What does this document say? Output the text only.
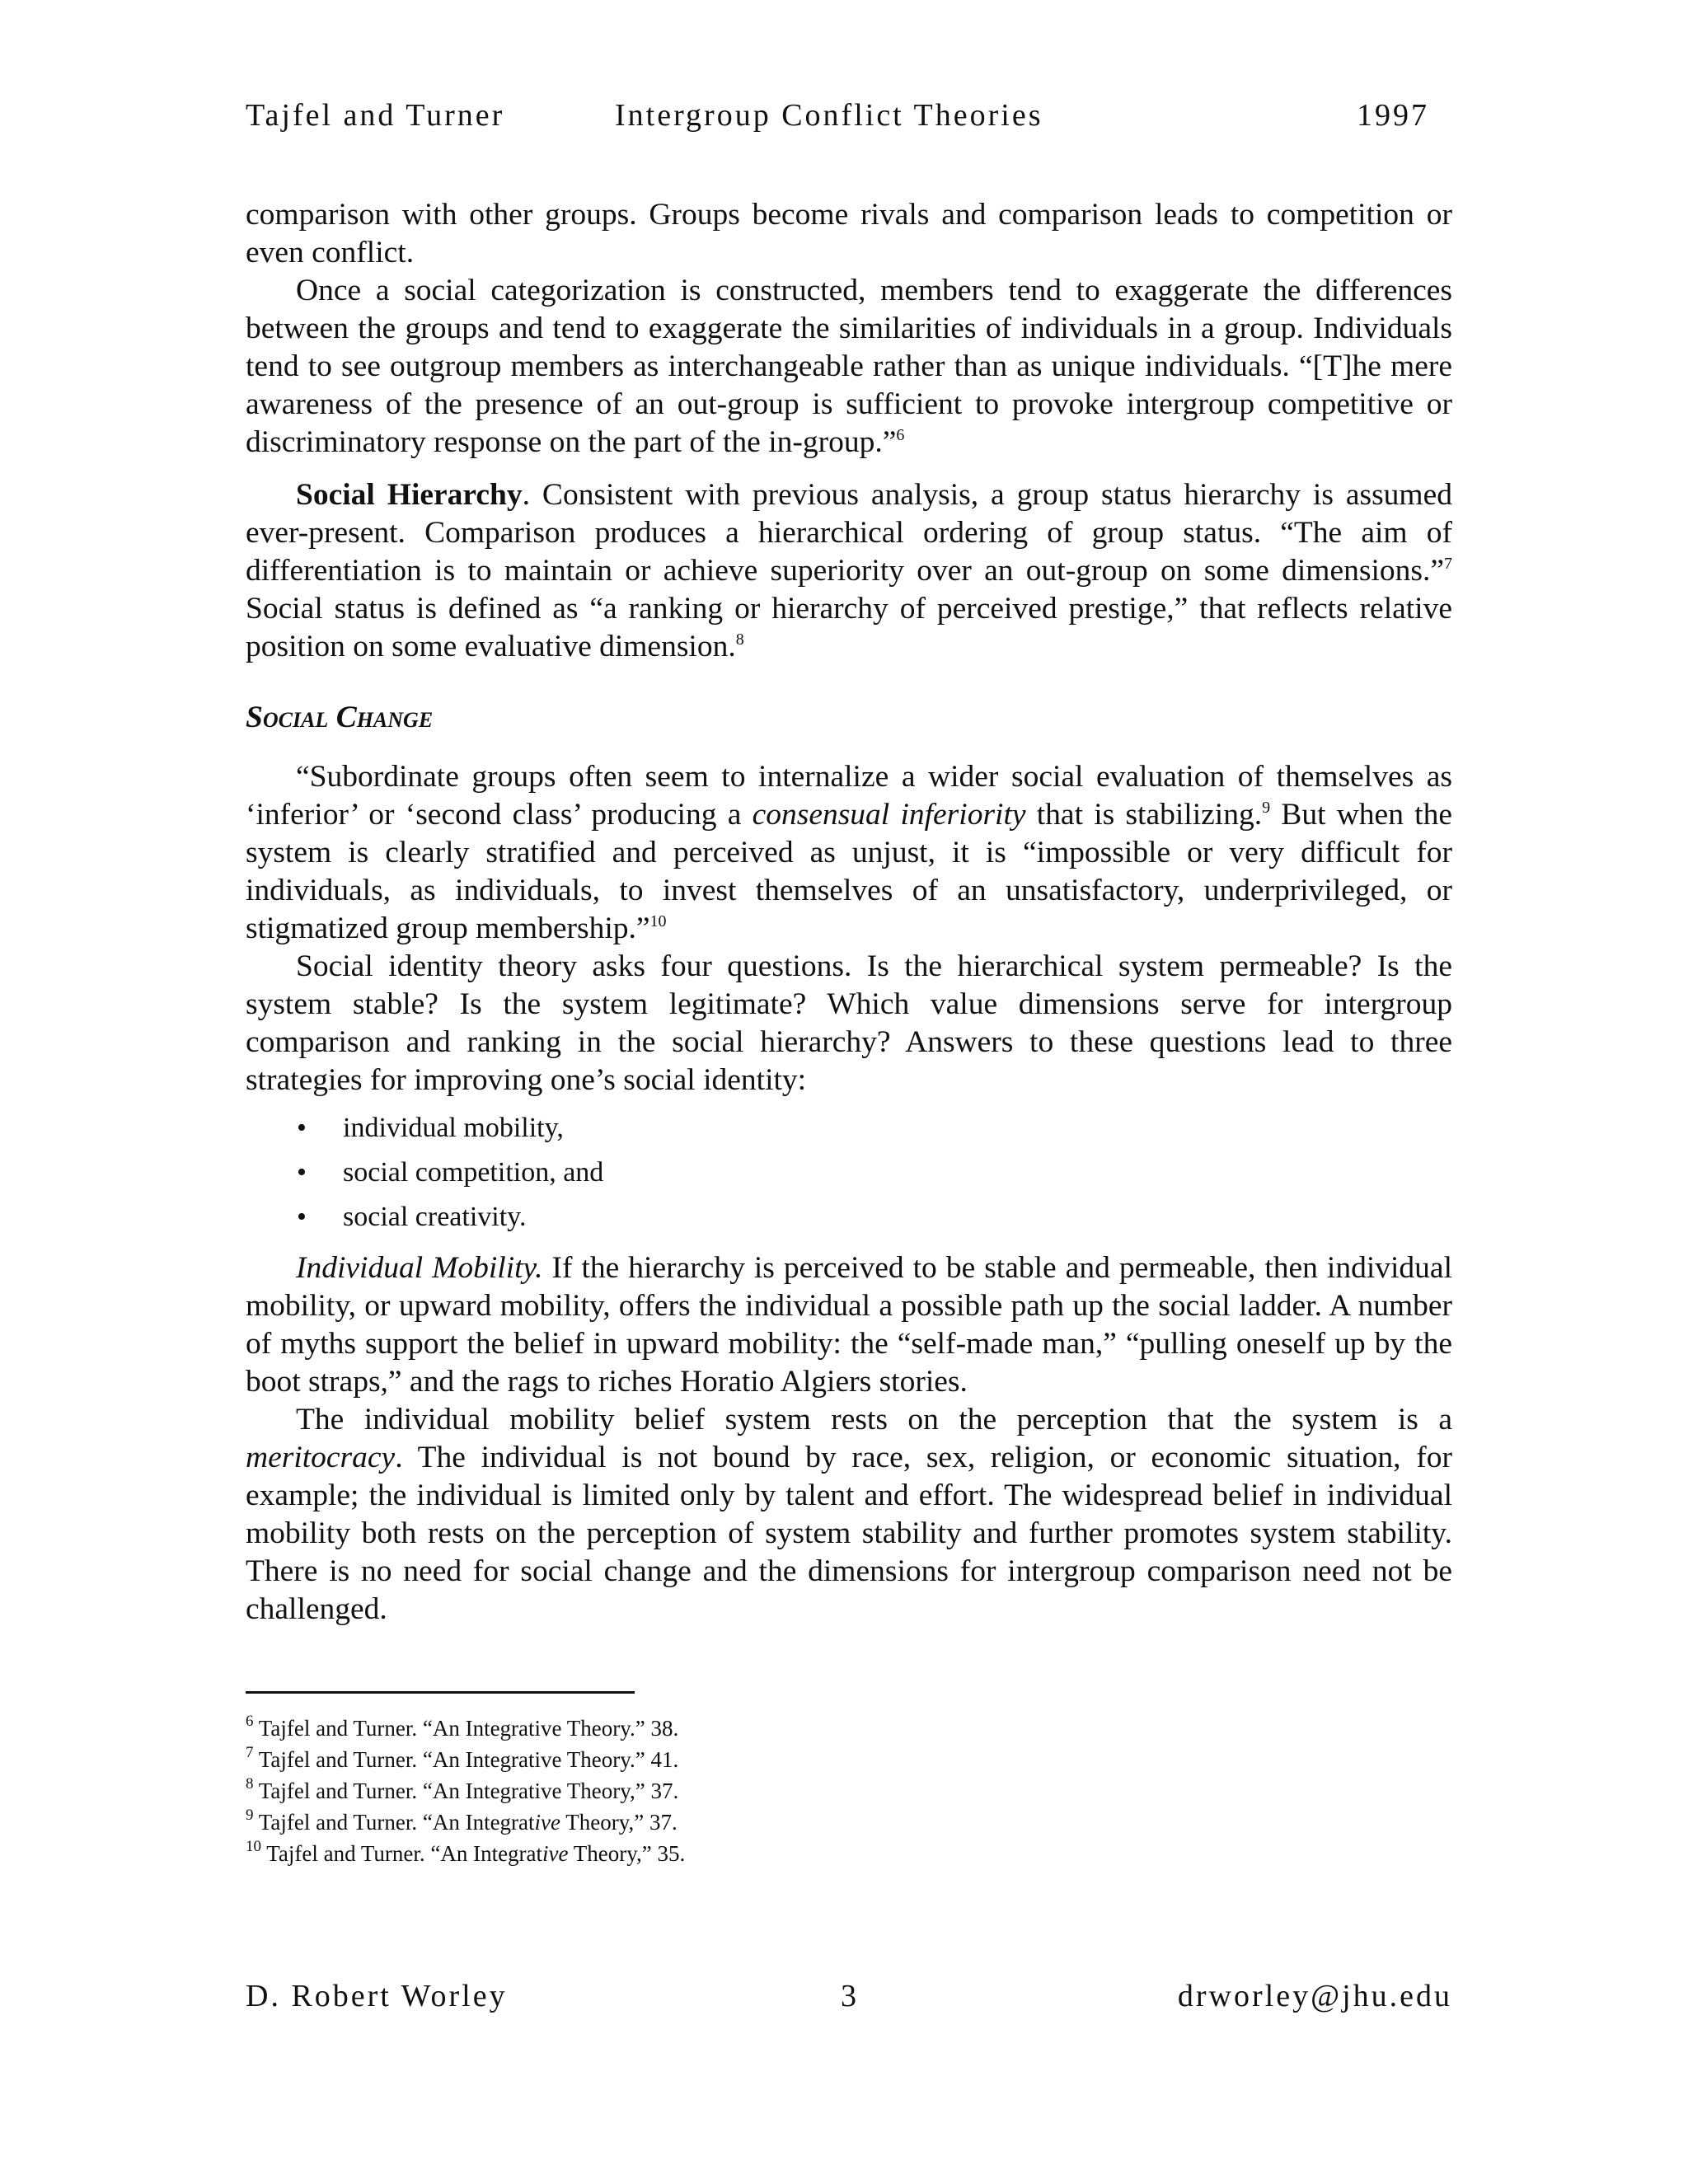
Tajfel and Turner	Intergroup Conflict Theories	1997

comparison with other groups. Groups become rivals and comparison leads to competition or even conflict.

Once a social categorization is constructed, members tend to exaggerate the differences between the groups and tend to exaggerate the similarities of individuals in a group. Individuals tend to see outgroup members as interchangeable rather than as unique individuals. “[T]he mere awareness of the presence of an out-group is sufficient to provoke intergroup competitive or discriminatory response on the part of the in-group.”$^6$

Social Hierarchy. Consistent with previous analysis, a group status hierarchy is assumed ever-present. Comparison produces a hierarchical ordering of group status. “The aim of differentiation is to maintain or achieve superiority over an out-group on some dimensions.”$^7$ Social status is defined as “a ranking or hierarchy of perceived prestige,” that reflects relative position on some evaluative dimension.$^8$

Social Change

“Subordinate groups often seem to internalize a wider social evaluation of themselves as ‘inferior’ or ‘second class’ producing a consensual inferiority that is stabilizing.$^9$ But when the system is clearly stratified and perceived as unjust, it is “impossible or very difficult for individuals, as individuals, to invest themselves of an unsatisfactory, underprivileged, or stigmatized group membership.”$^{10}$

Social identity theory asks four questions. Is the hierarchical system permeable? Is the system stable? Is the system legitimate? Which value dimensions serve for intergroup comparison and ranking in the social hierarchy? Answers to these questions lead to three strategies for improving one’s social identity:

• individual mobility,
• social competition, and
• social creativity.

Individual Mobility. If the hierarchy is perceived to be stable and permeable, then individual mobility, or upward mobility, offers the individual a possible path up the social ladder. A number of myths support the belief in upward mobility: the “self-made man,” “pulling oneself up by the boot straps,” and the rags to riches Horatio Algiers stories.

The individual mobility belief system rests on the perception that the system is a meritocracy. The individual is not bound by race, sex, religion, or economic situation, for example; the individual is limited only by talent and effort. The widespread belief in individual mobility both rests on the perception of system stability and further promotes system stability. There is no need for social change and the dimensions for intergroup comparison need not be challenged.

$^6$ Tajfel and Turner. “An Integrative Theory.” 38.
$^7$ Tajfel and Turner. “An Integrative Theory.” 41.
$^8$ Tajfel and Turner. “An Integrative Theory,” 37.
$^9$ Tajfel and Turner. “An Integrative Theory,” 37.
$^{10}$ Tajfel and Turner. “An Integrative Theory,” 35.
D. Robert Worley	3	drworley@jhu.edu
